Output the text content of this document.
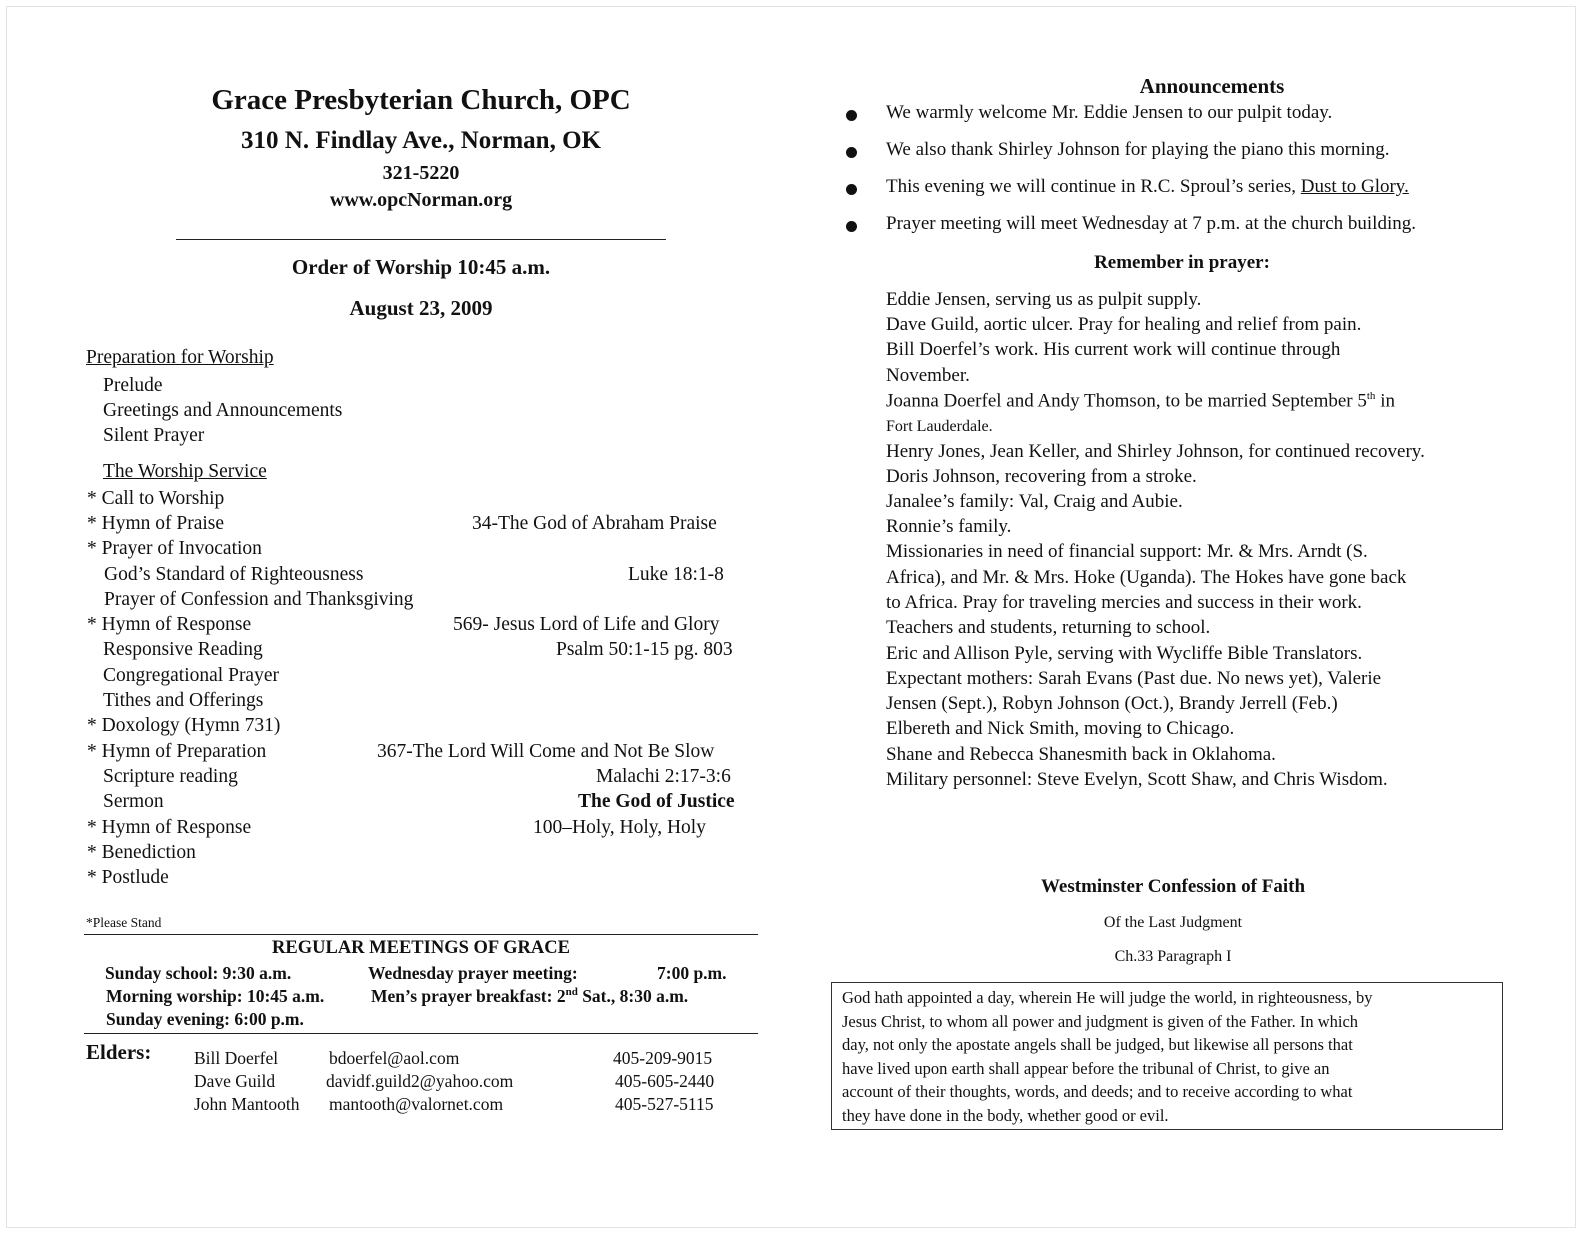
Grace Presbyterian Church, OPC
310 N. Findlay Ave., Norman, OK
321-5220
www.opcNorman.org
Order of Worship 10:45 a.m.
August 23, 2009
Preparation for Worship
Prelude
Greetings and Announcements
Silent Prayer
The Worship Service
* Call to Worship
* Hymn of Praise	34-The God of Abraham Praise
* Prayer of Invocation
God’s Standard of Righteousness	Luke 18:1-8
Prayer of Confession and Thanksgiving
* Hymn of Response	569- Jesus Lord of Life and Glory
Responsive Reading	Psalm 50:1-15 pg. 803
Congregational Prayer
Tithes and Offerings
* Doxology (Hymn 731)
* Hymn of Preparation	367-The Lord Will Come and Not Be Slow
Scripture reading	Malachi 2:17-3:6
Sermon	The God of Justice
* Hymn of Response	100–Holy, Holy, Holy
* Benediction
* Postlude
*Please Stand
REGULAR MEETINGS OF GRACE
Sunday school: 9:30 a.m.	Wednesday prayer meeting:	7:00 p.m.
Morning worship: 10:45 a.m.	Men’s prayer breakfast: 2nd Sat., 8:30 a.m.
Sunday evening: 6:00 p.m.
Elders: Bill Doerfel	bdoerfel@aol.com	405-209-9015
Dave Guild	davidf.guild2@yahoo.com	405-605-2440
John Mantooth mantooth@valornet.com	405-527-5115
Announcements
We warmly welcome Mr. Eddie Jensen to our pulpit today.
We also thank Shirley Johnson for playing the piano this morning.
This evening we will continue in R.C. Sproul’s series, Dust to Glory.
Prayer meeting will meet Wednesday at 7 p.m. at the church building.
Remember in prayer:
Eddie Jensen, serving us as pulpit supply.
Dave Guild, aortic ulcer. Pray for healing and relief from pain.
Bill Doerfel’s work. His current work will continue through
November.
Joanna Doerfel and Andy Thomson, to be married September 5th in
Fort Lauderdale.
Henry Jones, Jean Keller, and Shirley Johnson, for continued recovery.
Doris Johnson, recovering from a stroke.
Janalee’s family: Val, Craig and Aubie.
Ronnie’s family.
Missionaries in need of financial support: Mr. & Mrs. Arndt (S.
Africa), and Mr. & Mrs. Hoke (Uganda). The Hokes have gone back
to Africa. Pray for traveling mercies and success in their work.
Teachers and students, returning to school.
Eric and Allison Pyle, serving with Wycliffe Bible Translators.
Expectant mothers: Sarah Evans (Past due. No news yet), Valerie
Jensen (Sept.), Robyn Johnson (Oct.), Brandy Jerrell (Feb.)
Elbereth and Nick Smith, moving to Chicago.
Shane and Rebecca Shanesmith back in Oklahoma.
Military personnel: Steve Evelyn, Scott Shaw, and Chris Wisdom.
Westminster Confession of Faith
Of the Last Judgment
Ch.33 Paragraph I
God hath appointed a day, wherein He will judge the world, in righteousness, by
Jesus Christ, to whom all power and judgment is given of the Father. In which
day, not only the apostate angels shall be judged, but likewise all persons that
have lived upon earth shall appear before the tribunal of Christ, to give an
account of their thoughts, words, and deeds; and to receive according to what
they have done in the body, whether good or evil.
